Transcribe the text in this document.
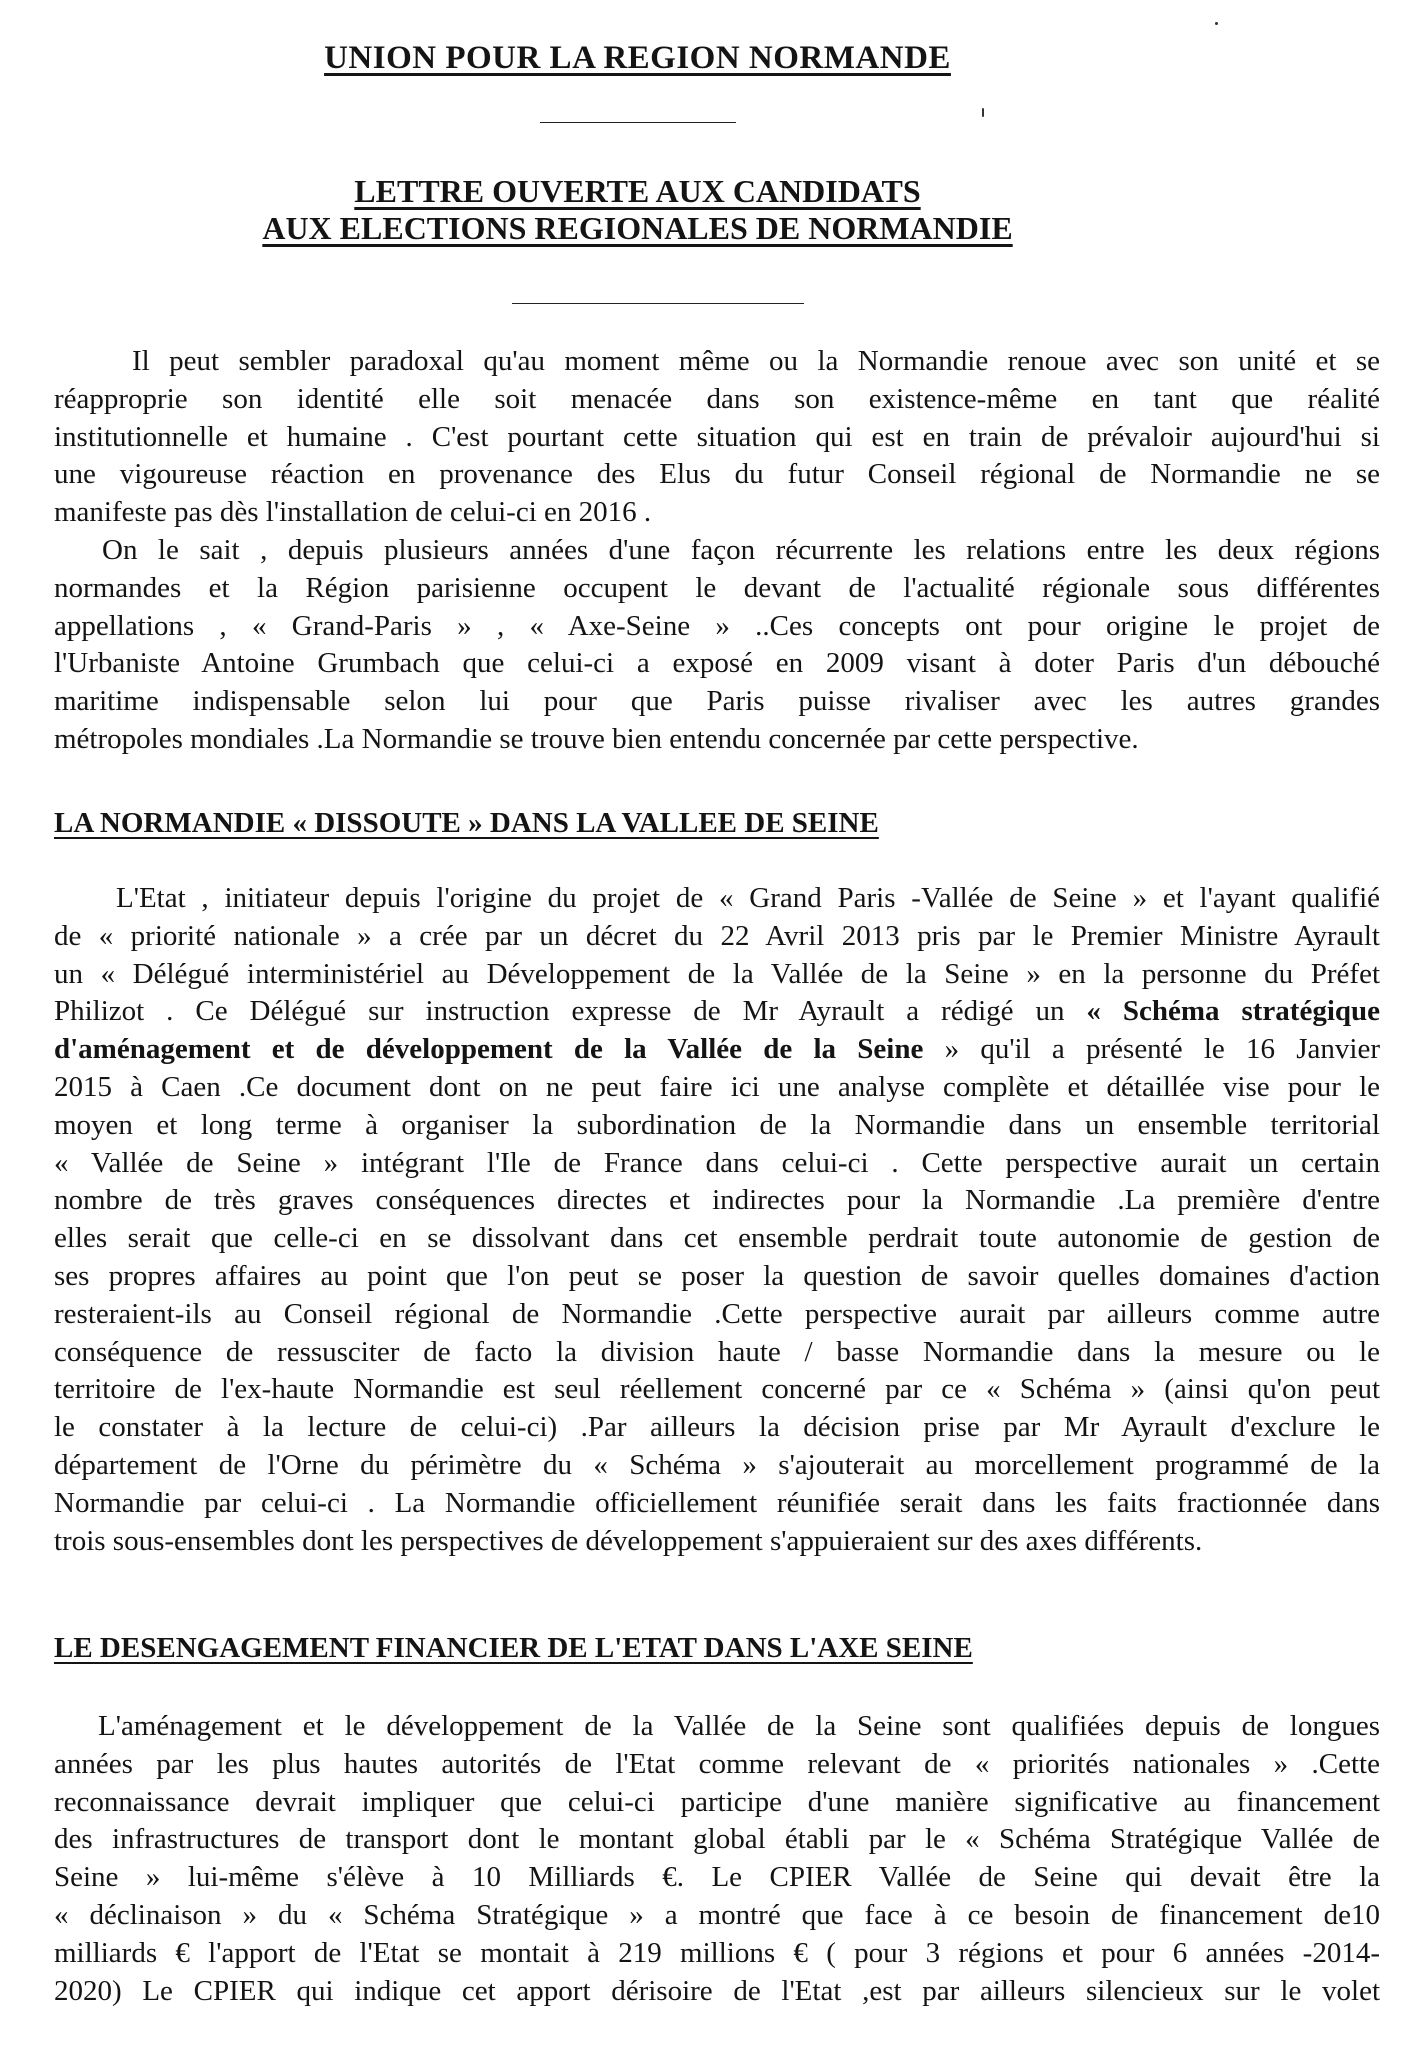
UNION POUR LA REGION NORMANDE
LETTRE OUVERTE AUX CANDIDATS
AUX ELECTIONS REGIONALES DE NORMANDIE
Il peut sembler paradoxal qu'au moment même ou la Normandie renoue avec son unité et se
réapproprie son identité elle soit menacée dans son existence-même en tant que réalité
institutionnelle et humaine . C'est pourtant cette situation qui est en train de prévaloir aujourd'hui si
une vigoureuse réaction en provenance des Elus du futur Conseil régional de Normandie ne se
manifeste pas dès l'installation de celui-ci en 2016 .
On le sait , depuis plusieurs années d'une façon récurrente les relations entre les deux régions
normandes et la Région parisienne occupent le devant de l'actualité régionale sous différentes
appellations , « Grand-Paris » , « Axe-Seine » ..Ces concepts ont pour origine le projet de
l'Urbaniste Antoine Grumbach que celui-ci a exposé en 2009 visant à doter Paris d'un débouché
maritime indispensable selon lui pour que Paris puisse rivaliser avec les autres grandes
métropoles mondiales .La Normandie se trouve bien entendu concernée par cette perspective.
LA NORMANDIE « DISSOUTE » DANS LA VALLEE DE SEINE
L'Etat , initiateur depuis l'origine du projet de « Grand Paris -Vallée de Seine » et l'ayant qualifié
de « priorité nationale » a crée par un décret du 22 Avril 2013 pris par le Premier Ministre Ayrault
un « Délégué interministériel au Développement de la Vallée de la Seine » en la personne du Préfet
Philizot . Ce Délégué sur instruction expresse de Mr Ayrault a rédigé un « Schéma stratégique
d'aménagement et de développement de la Vallée de la Seine » qu'il a présenté le 16 Janvier
2015 à Caen .Ce document dont on ne peut faire ici une analyse complète et détaillée vise pour le
moyen et long terme à organiser la subordination de la Normandie dans un ensemble territorial
« Vallée de Seine » intégrant l'Ile de France dans celui-ci . Cette perspective aurait un certain
nombre de très graves conséquences directes et indirectes pour la Normandie .La première d'entre
elles serait que celle-ci en se dissolvant dans cet ensemble perdrait toute autonomie de gestion de
ses propres affaires au point que l'on peut se poser la question de savoir quelles domaines d'action
resteraient-ils au Conseil régional de Normandie .Cette perspective aurait par ailleurs comme autre
conséquence de ressusciter de facto la division haute / basse Normandie dans la mesure ou le
territoire de l'ex-haute Normandie est seul réellement concerné par ce « Schéma » (ainsi qu'on peut
le constater à la lecture de celui-ci) .Par ailleurs la décision prise par Mr Ayrault d'exclure le
département de l'Orne du périmètre du « Schéma » s'ajouterait au morcellement programmé de la
Normandie par celui-ci . La Normandie officiellement réunifiée serait dans les faits fractionnée dans
trois sous-ensembles dont les perspectives de développement s'appuieraient sur des axes différents.
LE DESENGAGEMENT FINANCIER DE L'ETAT DANS L'AXE SEINE
L'aménagement et le développement de la Vallée de la Seine sont qualifiées depuis de longues
années par les plus hautes autorités de l'Etat comme relevant de « priorités nationales » .Cette
reconnaissance devrait impliquer que celui-ci participe d'une manière significative au financement
des infrastructures de transport dont le montant global établi par le « Schéma Stratégique Vallée de
Seine » lui-même s'élève à 10 Milliards €. Le CPIER Vallée de Seine qui devait être la
« déclinaison » du « Schéma Stratégique » a montré que face à ce besoin de financement de10
milliards € l'apport de l'Etat se montait à 219 millions € ( pour 3 régions et pour 6 années -2014-
2020) Le CPIER qui indique cet apport dérisoire de l'Etat ,est par ailleurs silencieux sur le volet
